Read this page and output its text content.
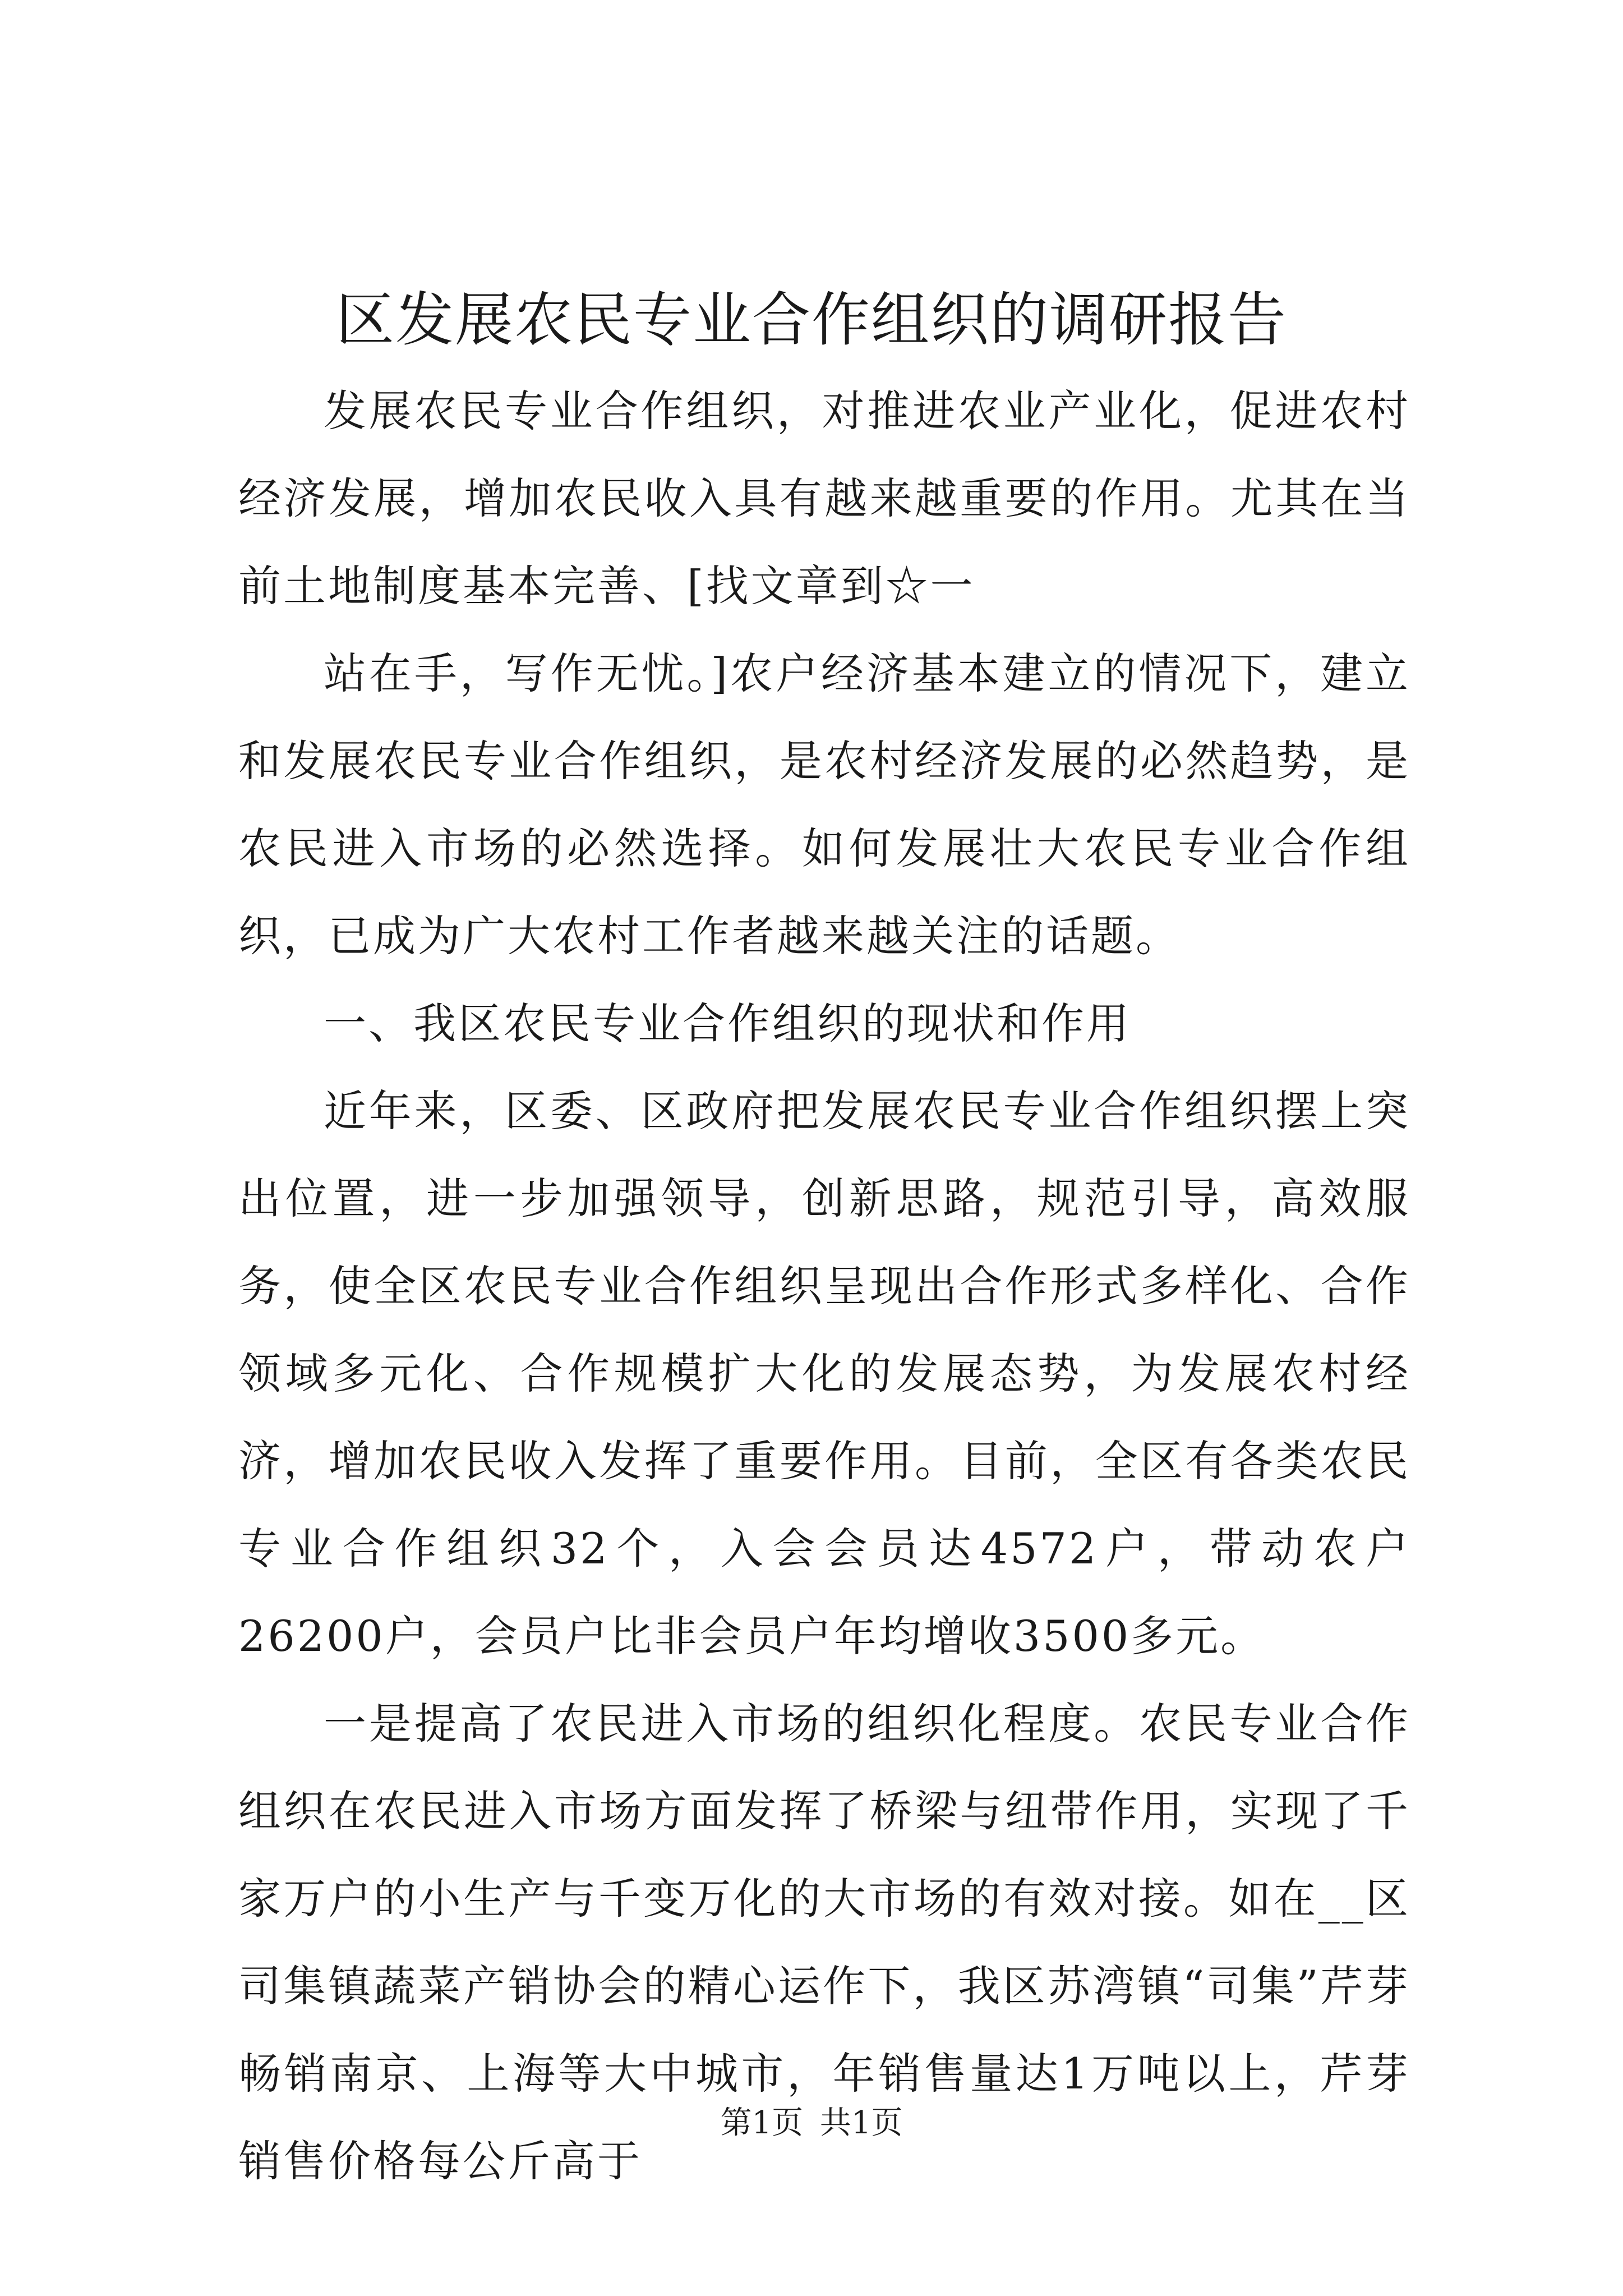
区发展农民专业合作组织的调研报告

发展农民专业合作组织，对推进农业产业化，促进农村经济发展，增加农民收入具有越来越重要的作用。尤其在当前土地制度基本完善、[找文章到☆一

站在手，写作无忧。]农户经济基本建立的情况下，建立和发展农民专业合作组织，是农村经济发展的必然趋势，是农民进入市场的必然选择。如何发展壮大农民专业合作组织，已成为广大农村工作者越来越关注的话题。

一、我区农民专业合作组织的现状和作用

近年来，区委、区政府把发展农民专业合作组织摆上突出位置，进一步加强领导，创新思路，规范引导，高效服务，使全区农民专业合作组织呈现出合作形式多样化、合作领域多元化、合作规模扩大化的发展态势，为发展农村经济，增加农民收入发挥了重要作用。目前，全区有各类农民专业合作组织32个，入会会员达4572户，带动农户26200户，会员户比非会员户年均增收3500多元。

一是提高了农民进入市场的组织化程度。农民专业合作组织在农民进入市场方面发挥了桥梁与纽带作用，实现了千家万户的小生产与千变万化的大市场的有效对接。如在__区司集镇蔬菜产销协会的精心运作下，我区苏湾镇“司集”芹芽畅销南京、上海等大中城市，年销售量达1万吨以上，芹芽销售价格每公斤高于

第1页 共1页
